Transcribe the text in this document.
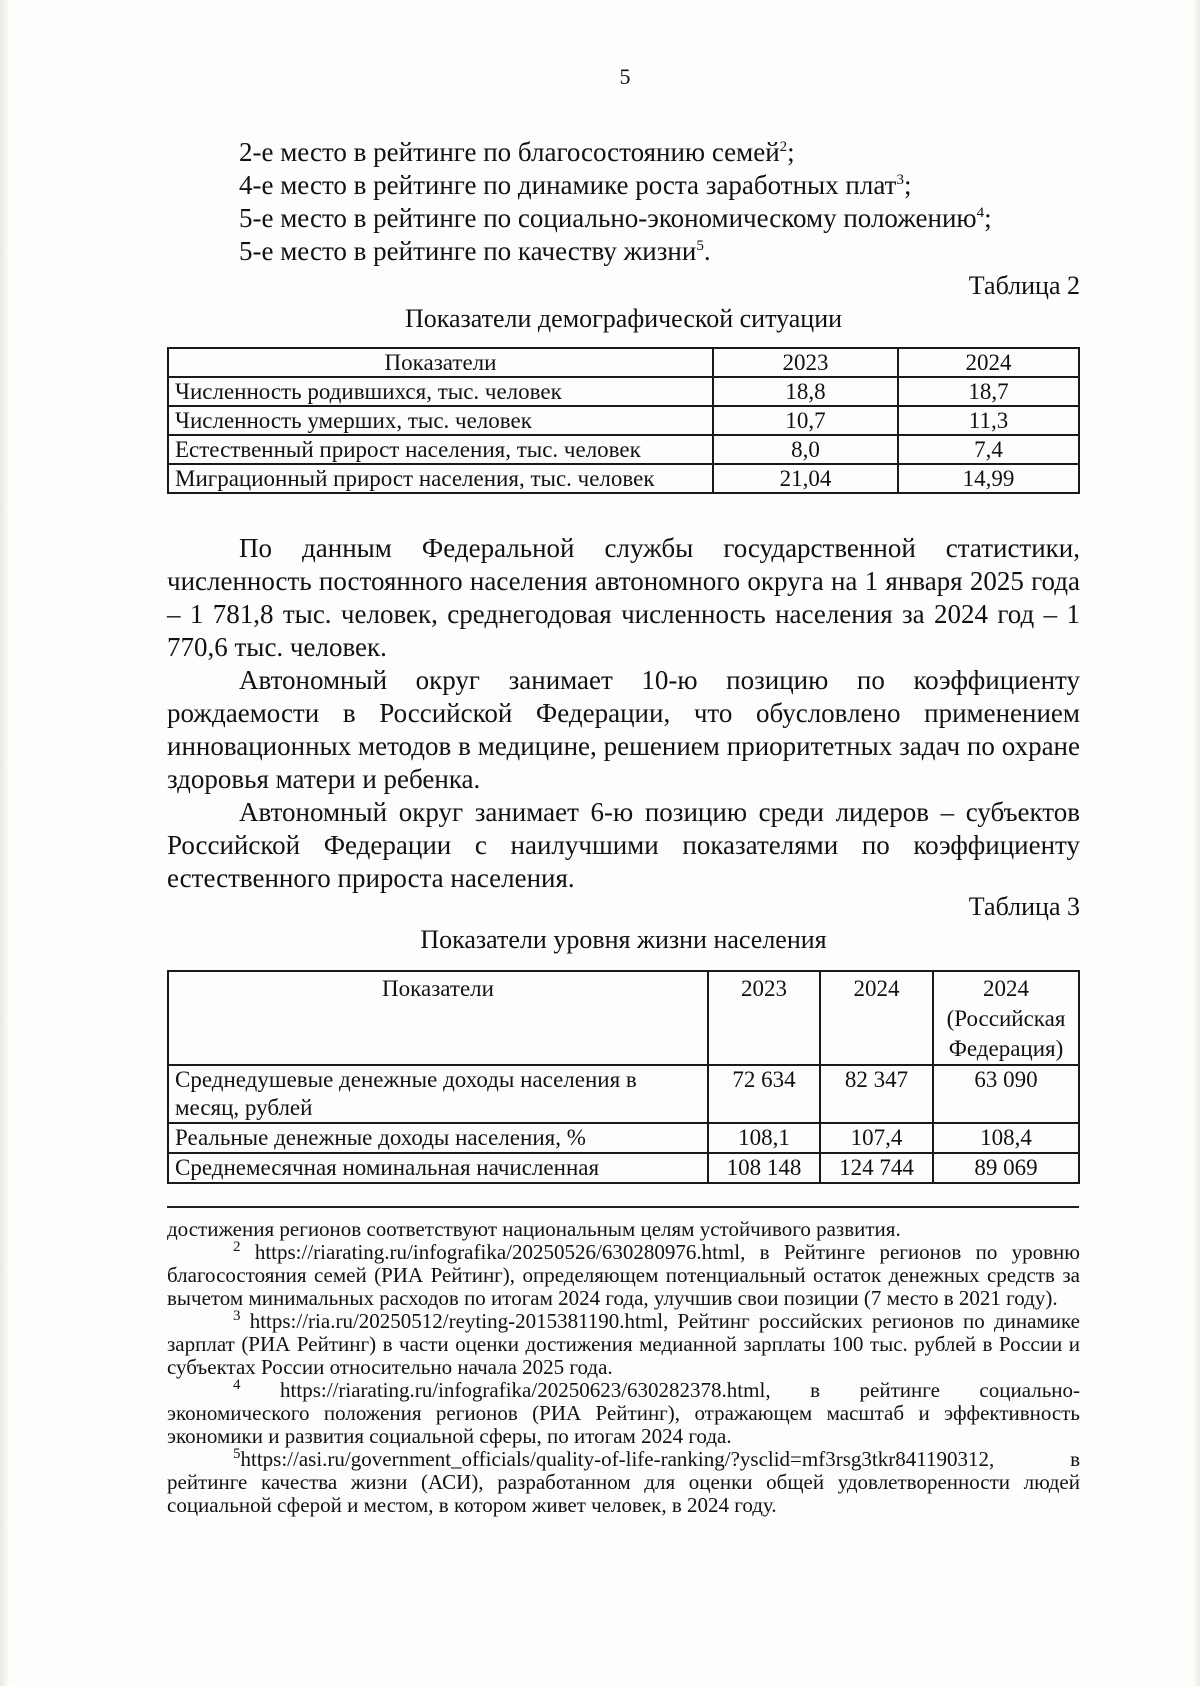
5

2-е место в рейтинге по благосостоянию семей$^2$;

4-е место в рейтинге по динамике роста заработных плат$^3$;

5-е место в рейтинге по социально-экономическому положению$^4$;

5-е место в рейтинге по качеству жизни$^5$.

Таблица 2
Показатели демографической ситуации
Показатели	2023	2024
Численность родившихся, тыс. человек	18,8	18,7
Численность умерших, тыс. человек	10,7	11,3
Естественный прирост населения, тыс. человек	8,0	7,4
Миграционный прирост населения, тыс. человек	21,04	14,99

По данным Федеральной службы государственной статистики, численность постоянного населения автономного округа на 1 января 2025 года – 1 781,8 тыс. человек, среднегодовая численность населения за 2024 год – 1 770,6 тыс. человек.

Автономный округ занимает 10-ю позицию по коэффициенту рождаемости в Российской Федерации, что обусловлено применением инновационных методов в медицине, решением приоритетных задач по охране здоровья матери и ребенка.

Автономный округ занимает 6-ю позицию среди лидеров – субъектов Российской Федерации с наилучшими показателями по коэффициенту естественного прироста населения.

Таблица 3
Показатели уровня жизни населения
Показатели	2023	2024	2024 (Российская Федерация)
Среднедушевые денежные доходы населения в месяц, рублей	72 634	82 347	63 090
Реальные денежные доходы населения, %	108,1	107,4	108,4
Среднемесячная номинальная начисленная	108 148	124 744	89 069

достижения регионов соответствуют национальным целям устойчивого развития.

$^2$ https://riarating.ru/infografika/20250526/630280976.html, в Рейтинге регионов по уровню благосостояния семей (РИА Рейтинг), определяющем потенциальный остаток денежных средств за вычетом минимальных расходов по итогам 2024 года, улучшив свои позиции (7 место в 2021 году).

$^3$ https://ria.ru/20250512/reyting-2015381190.html, Рейтинг российских регионов по динамике зарплат (РИА Рейтинг) в части оценки достижения медианной зарплаты 100 тыс. рублей в России и субъектах России относительно начала 2025 года.

$^4$ https://riarating.ru/infografika/20250623/630282378.html, в рейтинге социально-экономического положения регионов (РИА Рейтинг), отражающем масштаб и эффективность экономики и развития социальной сферы, по итогам 2024 года.

$^5$https://asi.ru/government_officials/quality-of-life-ranking/?ysclid=mf3rsg3tkr841190312, в рейтинге качества жизни (АСИ), разработанном для оценки общей удовлетворенности людей социальной сферой и местом, в котором живет человек, в 2024 году.
